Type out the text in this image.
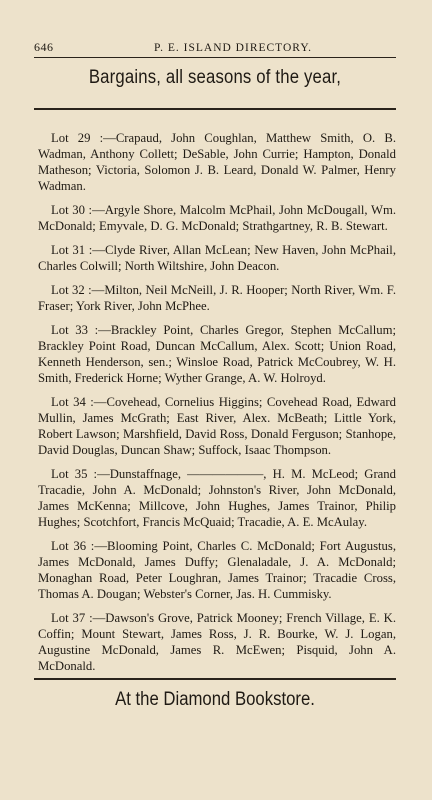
646	P. E. ISLAND DIRECTORY.
Bargains, all seasons of the year,

Lot 29 :—Crapaud, John Coughlan, Matthew Smith, O. B. Wadman, Anthony Collett; DeSable, John Currie; Hampton, Donald Matheson; Victoria, Solomon J. B. Leard, Donald W. Palmer, Henry Wadman.

Lot 30 :—Argyle Shore, Malcolm McPhail, John McDougall, Wm. McDonald; Emyvale, D. G. McDonald; Strathgartney, R. B. Stewart.

Lot 31 :—Clyde River, Allan McLean; New Haven, John McPhail, Charles Colwill; North Wiltshire, John Deacon.

Lot 32 :—Milton, Neil McNeill, J. R. Hooper; North River, Wm. F. Fraser; York River, John McPhee.

Lot 33 :—Brackley Point, Charles Gregor, Stephen McCallum; Brackley Point Road, Duncan McCallum, Alex. Scott; Union Road, Kenneth Henderson, sen.; Winsloe Road, Patrick McCoubrey, W. H. Smith, Frederick Horne; Wyther Grange, A. W. Holroyd.

Lot 34 :—Covehead, Cornelius Higgins; Covehead Road, Edward Mullin, James McGrath; East River, Alex. McBeath; Little York, Robert Lawson; Marshfield, David Ross, Donald Ferguson; Stanhope, David Douglas, Duncan Shaw; Suffock, Isaac Thompson.

Lot 35 :—Dunstaffnage, ——————, H. M. McLeod; Grand Tracadie, John A. McDonald; Johnston's River, John McDonald, James McKenna; Millcove, John Hughes, James Trainor, Philip Hughes; Scotchfort, Francis McQuaid; Tracadie, A. E. McAulay.

Lot 36 :—Blooming Point, Charles C. McDonald; Fort Augustus, James McDonald, James Duffy; Glenaladale, J. A. McDonald; Monaghan Road, Peter Loughran, James Trainor; Tracadie Cross, Thomas A. Dougan; Webster's Corner, Jas. H. Cummisky.

Lot 37 :—Dawson's Grove, Patrick Mooney; French Village, E. K. Coffin; Mount Stewart, James Ross, J. R. Bourke, W. J. Logan, Augustine McDonald, James R. McEwen; Pisquid, John A. McDonald.

At the Diamond Bookstore.
